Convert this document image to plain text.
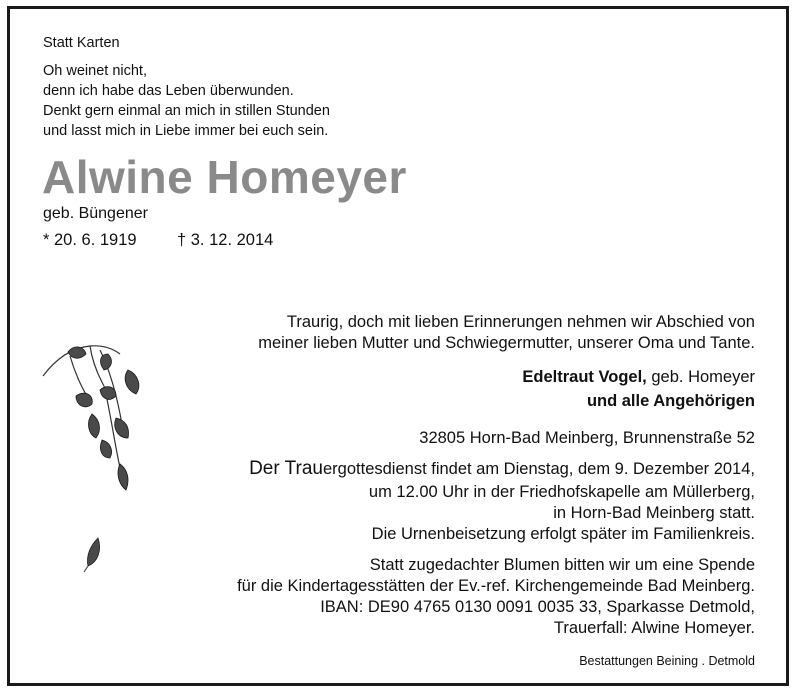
Statt Karten
Oh weinet nicht,
denn ich habe das Leben überwunden.
Denkt gern einmal an mich in stillen Stunden
und lasst mich in Liebe immer bei euch sein.
Alwine Homeyer
geb. Büngener
* 20. 6. 1919 † 3. 12. 2014
Traurig, doch mit lieben Erinnerungen nehmen wir Abschied von
meiner lieben Mutter und Schwiegermutter, unserer Oma und Tante.
Edeltraut Vogel, geb. Homeyer
und alle Angehörigen
32805 Horn-Bad Meinberg, Brunnenstraße 52
Der Trauergottesdienst findet am Dienstag, dem 9. Dezember 2014,
um 12.00 Uhr in der Friedhofskapelle am Müllerberg,
in Horn-Bad Meinberg statt.
Die Urnenbeisetzung erfolgt später im Familienkreis.
Statt zugedachter Blumen bitten wir um eine Spende
für die Kindertagesstätten der Ev.-ref. Kirchengemeinde Bad Meinberg.
IBAN: DE90 4765 0130 0091 0035 33, Sparkasse Detmold,
Trauerfall: Alwine Homeyer.
Bestattungen Beining . Detmold
